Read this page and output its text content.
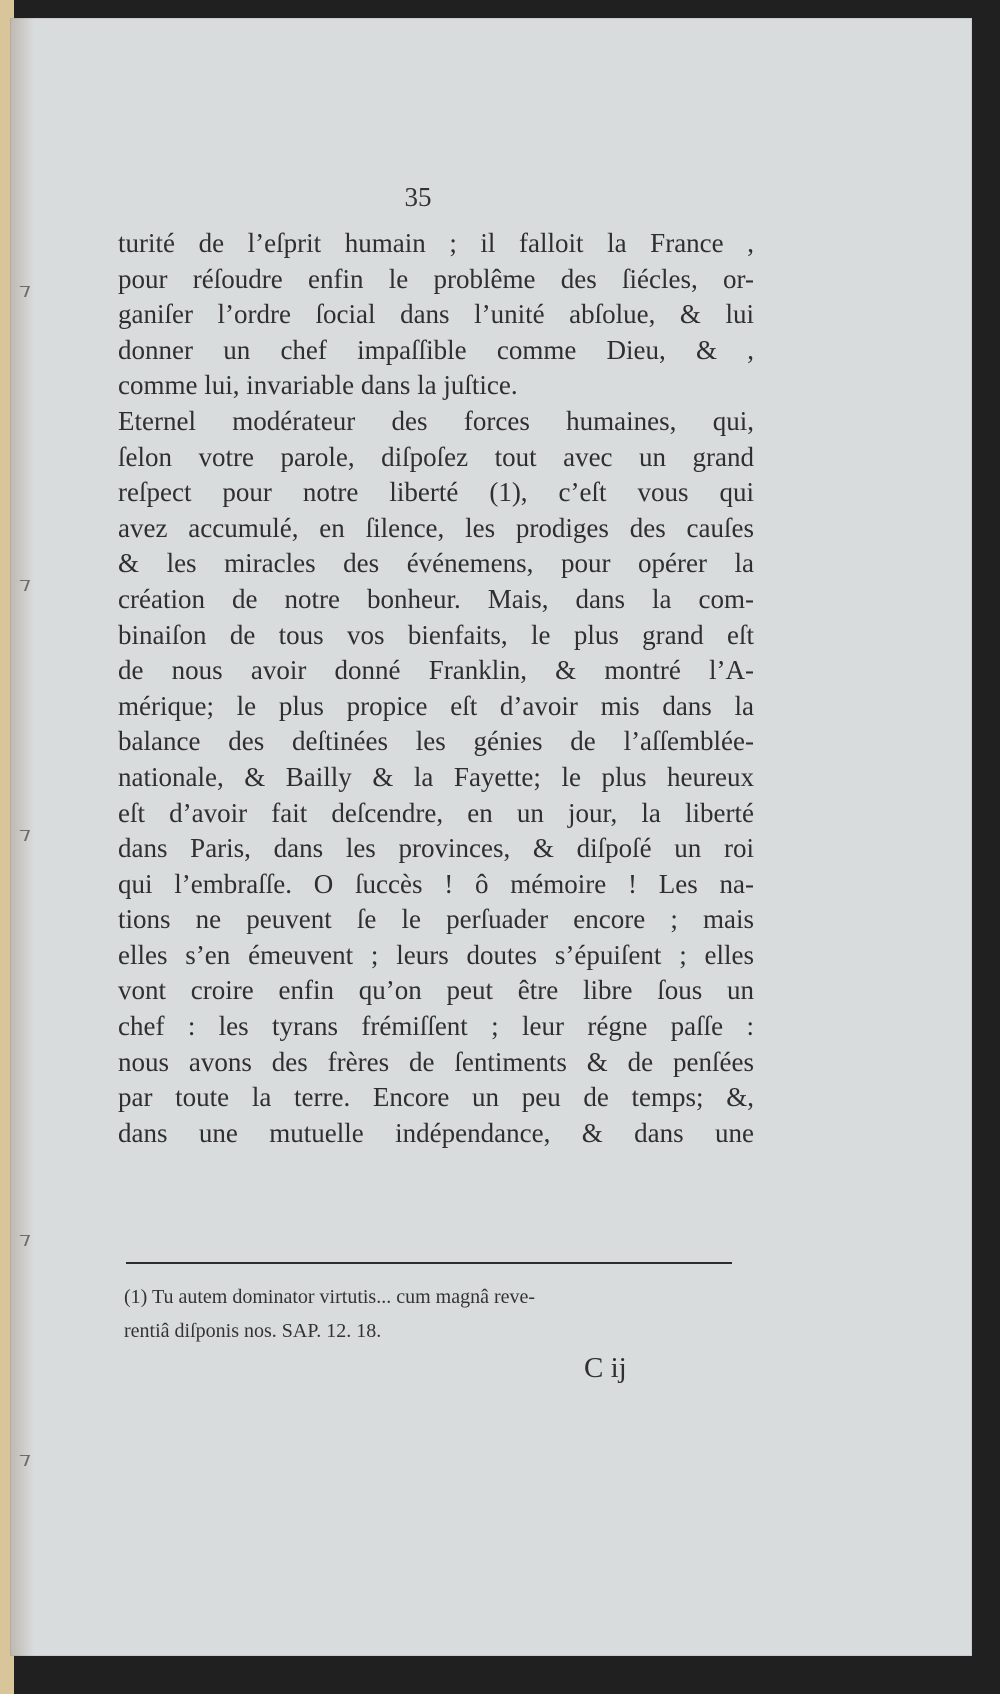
35
turité de l’eſprit humain ; il falloit la France ,
pour réſoudre enfin le problême des ſiécles, or-
ganiſer l’ordre ſocial dans l’unité abſolue, & lui
donner un chef impaſſible comme Dieu, & ,
comme lui, invariable dans la juſtice.
Eternel modérateur des forces humaines, qui,
ſelon votre parole, diſpoſez tout avec un grand
reſpect pour notre liberté (1), c’eſt vous qui
avez accumulé, en ſilence, les prodiges des cauſes
& les miracles des événemens, pour opérer la
création de notre bonheur. Mais, dans la com-
binaiſon de tous vos bienfaits, le plus grand eſt
de nous avoir donné Franklin, & montré l’A-
mérique; le plus propice eſt d’avoir mis dans la
balance des deſtinées les génies de l’aſſemblée-
nationale, & Bailly & la Fayette; le plus heureux
eſt d’avoir fait deſcendre, en un jour, la liberté
dans Paris, dans les provinces, & diſpoſé un roi
qui l’embraſſe. O ſuccès ! ô mémoire ! Les na-
tions ne peuvent ſe le perſuader encore ; mais
elles s’en émeuvent ; leurs doutes s’épuiſent ; elles
vont croire enfin qu’on peut être libre ſous un
chef : les tyrans frémiſſent ; leur régne paſſe :
nous avons des frères de ſentiments & de penſées
par toute la terre. Encore un peu de temps; &,
dans une mutuelle indépendance, & dans une
(1) Tu autem dominator virtutis... cum magnâ reve-
rentiâ diſponis nos. SAP. 12. 18.
C ij
